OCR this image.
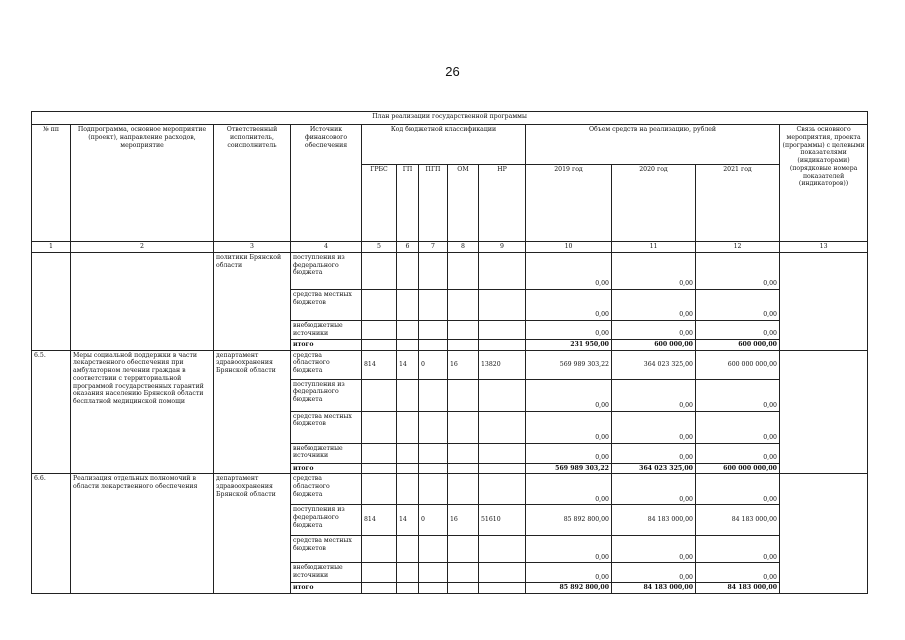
26
План реализации государственной программы												
№ пп	Подпрограмма, основное мероприятие (проект), направление расходов, мероприятие	Ответственный исполнитель, соисполнитель	Источник финансового обеспечения	Код бюджетной классификации					Объем средств на реализацию, рублей			Связь основного мероприятия, проекта (программы) с целевыми показателями (индикаторами) (порядковые номера показателей (индикаторов))
				ГРБС	ГП	ПГП	ОМ	НР	2019 год	2020 год	2021 год	
1	2	3	4	5	6	7	8	9	10	11	12	13
		политики Брянской области	поступления из федерального бюджета						0,00	0,00	0,00	
			средства местных бюджетов						0,00	0,00	0,00	
			внебюджетные источники						0,00	0,00	0,00	
			итого						231 950,00	600 000,00	600 000,00	
6.5.	Меры социальной поддержки в части лекарственного обеспечения при амбулаторном лечении граждан в соответствии с территориальной программой государственных гарантий оказания населению Брянской области бесплатной медицинской помощи	департамент здравоохранения Брянской области	средства областного бюджета	814	14	0	16	13820	569 989 303,22	364 023 325,00	600 000 000,00	
			поступления из федерального бюджета						0,00	0,00	0,00	
			средства местных бюджетов						0,00	0,00	0,00	
			внебюджетные источники						0,00	0,00	0,00	
			итого						569 989 303,22	364 023 325,00	600 000 000,00	
6.6.	Реализация отдельных полномочий в области лекарственного обеспечения	департамент здравоохранения Брянской области	средства областного бюджета						0,00	0,00	0,00	
			поступления из федерального бюджета	814	14	0	16	51610	85 892 800,00	84 183 000,00	84 183 000,00	
			средства местных бюджетов						0,00	0,00	0,00	
			внебюджетные источники						0,00	0,00	0,00	
			итого						85 892 800,00	84 183 000,00	84 183 000,00	
